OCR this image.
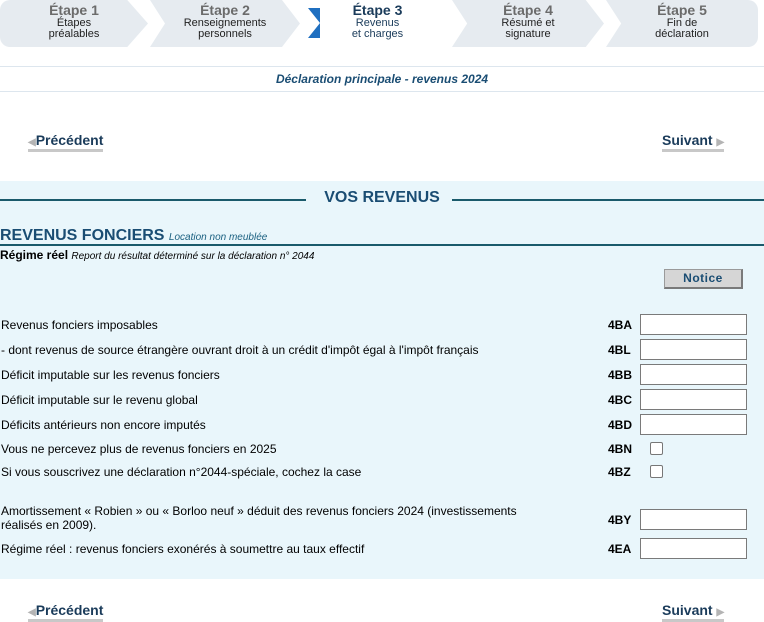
Étape 1
Étapes
préalables
Étape 2
Renseignements
personnels
Étape 3
Revenus
et charges
Étape 4
Résumé et
signature
Étape 5
Fin de
déclaration
Déclaration principale - revenus 2024
◀Précédent	Suivant ▶
VOS REVENUS
REVENUS FONCIERS Location non meublée
Régime réel Report du résultat déterminé sur la déclaration n° 2044
Notice
Revenus fonciers imposables	4BA
- dont revenus de source étrangère ouvrant droit à un crédit d'impôt égal à l'impôt français	4BL
Déficit imputable sur les revenus fonciers	4BB
Déficit imputable sur le revenu global	4BC
Déficits antérieurs non encore imputés	4BD
Vous ne percevez plus de revenus fonciers en 2025	4BN
Si vous souscrivez une déclaration n°2044-spéciale, cochez la case	4BZ
Amortissement « Robien » ou « Borloo neuf » déduit des revenus fonciers 2024 (investissements
réalisés en 2009).	4BY
Régime réel : revenus fonciers exonérés à soumettre au taux effectif	4EA
◀Précédent	Suivant ▶
